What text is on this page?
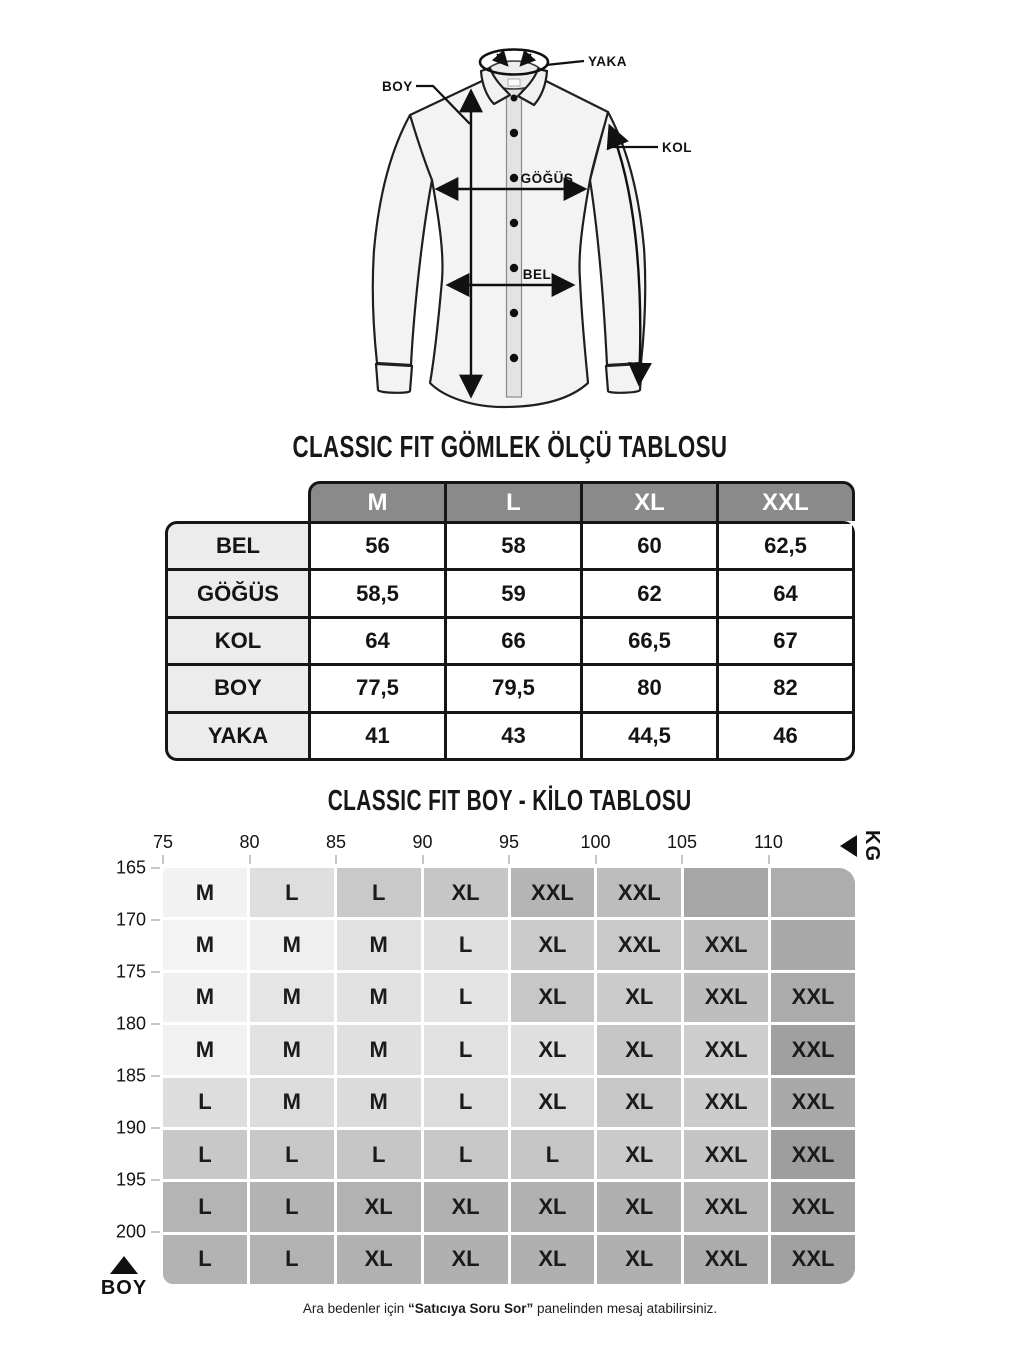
YAKA
BOY
KOL
GÖĞÜS
BEL
CLASSIC FIT GÖMLEK ÖLÇÜ TABLOSU
M	L	XL	XXL
BEL	56	58	60	62,5
GÖĞÜS	58,5	59	62	64
KOL	64	66	66,5	67
BOY	77,5	79,5	80	82
YAKA	41	43	44,5	46
CLASSIC FIT BOY - KİLO TABLOSU
75	80	85	90	95	100	105	110	KG
165
170
175
180
185
190
195
200
M	L	L	XL	XXL	XXL
M	M	M	L	XL	XXL	XXL
M	M	M	L	XL	XL	XXL	XXL
M	M	M	L	XL	XL	XXL	XXL
L	M	M	L	XL	XL	XXL	XXL
L	L	L	L	L	XL	XXL	XXL
L	L	XL	XL	XL	XL	XXL	XXL
L	L	XL	XL	XL	XL	XXL	XXL
BOY
Ara bedenler için “Satıcıya Soru Sor” panelinden mesaj atabilirsiniz.
